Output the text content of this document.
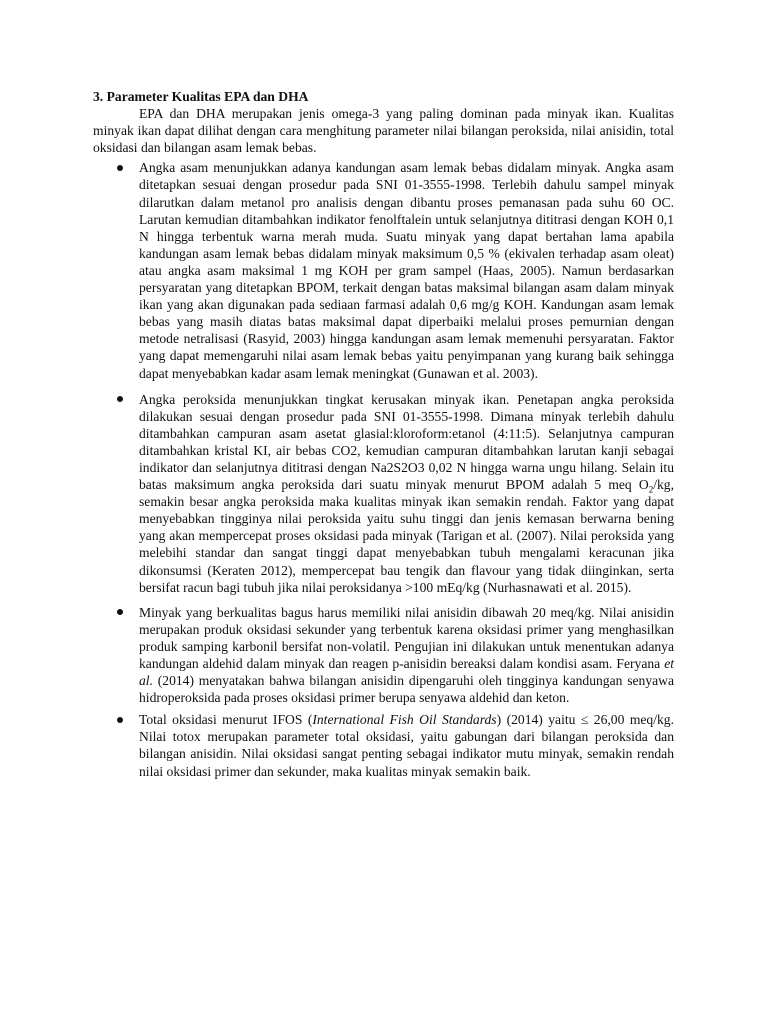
3. Parameter Kualitas EPA dan DHA

EPA dan DHA merupakan jenis omega-3 yang paling dominan pada minyak ikan. Kualitas minyak ikan dapat dilihat dengan cara menghitung parameter nilai bilangan peroksida, nilai anisidin, total oksidasi dan bilangan asam lemak bebas.

Angka asam menunjukkan adanya kandungan asam lemak bebas didalam minyak. Angka asam ditetapkan sesuai dengan prosedur pada SNI 01-3555-1998. Terlebih dahulu sampel minyak dilarutkan dalam metanol pro analisis dengan dibantu proses pemanasan pada suhu 60 OC. Larutan kemudian ditambahkan indikator fenolftalein untuk selanjutnya dititrasi dengan KOH 0,1 N hingga terbentuk warna merah muda. Suatu minyak yang dapat bertahan lama apabila kandungan asam lemak bebas didalam minyak maksimum 0,5 % (ekivalen terhadap asam oleat) atau angka asam maksimal 1 mg KOH per gram sampel (Haas, 2005). Namun berdasarkan persyaratan yang ditetapkan BPOM, terkait dengan batas maksimal bilangan asam dalam minyak ikan yang akan digunakan pada sediaan farmasi adalah 0,6 mg/g KOH. Kandungan asam lemak bebas yang masih diatas batas maksimal dapat diperbaiki melalui proses pemurnian dengan metode netralisasi (Rasyid, 2003) hingga kandungan asam lemak memenuhi persyaratan. Faktor yang dapat memengaruhi nilai asam lemak bebas yaitu penyimpanan yang kurang baik sehingga dapat menyebabkan kadar asam lemak meningkat (Gunawan et al. 2003).
Angka peroksida menunjukkan tingkat kerusakan minyak ikan. Penetapan angka peroksida dilakukan sesuai dengan prosedur pada SNI 01-3555-1998. Dimana minyak terlebih dahulu ditambahkan campuran asam asetat glasial:kloroform:etanol (4:11:5). Selanjutnya campuran ditambahkan kristal KI, air bebas CO2, kemudian campuran ditambahkan larutan kanji sebagai indikator dan selanjutnya dititrasi dengan Na2S2O3 0,02 N hingga warna ungu hilang. Selain itu batas maksimum angka peroksida dari suatu minyak menurut BPOM adalah 5 meq $O_2/kg$, semakin besar angka peroksida maka kualitas minyak ikan semakin rendah. Faktor yang dapat menyebabkan tingginya nilai peroksida yaitu suhu tinggi dan jenis kemasan berwarna bening yang akan mempercepat proses oksidasi pada minyak (Tarigan et al. (2007). Nilai peroksida yang melebihi standar dan sangat tinggi dapat menyebabkan tubuh mengalami keracunan jika dikonsumsi (Keraten 2012), mempercepat bau tengik dan flavour yang tidak diinginkan, serta bersifat racun bagi tubuh jika nilai peroksidanya >100 mEq/kg (Nurhasnawati et al. 2015).
Minyak yang berkualitas bagus harus memiliki nilai anisidin dibawah 20 meq/kg. Nilai anisidin merupakan produk oksidasi sekunder yang terbentuk karena oksidasi primer yang menghasilkan produk samping karbonil bersifat non-volatil. Pengujian ini dilakukan untuk menentukan adanya kandungan aldehid dalam minyak dan reagen p-anisidin bereaksi dalam kondisi asam. Feryana et al. (2014) menyatakan bahwa bilangan anisidin dipengaruhi oleh tingginya kandungan senyawa hidroperoksida pada proses oksidasi primer berupa senyawa aldehid dan keton.
Total oksidasi menurut IFOS (International Fish Oil Standards) (2014) yaitu ≤ 26,00 meq/kg. Nilai totox merupakan parameter total oksidasi, yaitu gabungan dari bilangan peroksida dan bilangan anisidin. Nilai oksidasi sangat penting sebagai indikator mutu minyak, semakin rendah nilai oksidasi primer dan sekunder, maka kualitas minyak semakin baik.
